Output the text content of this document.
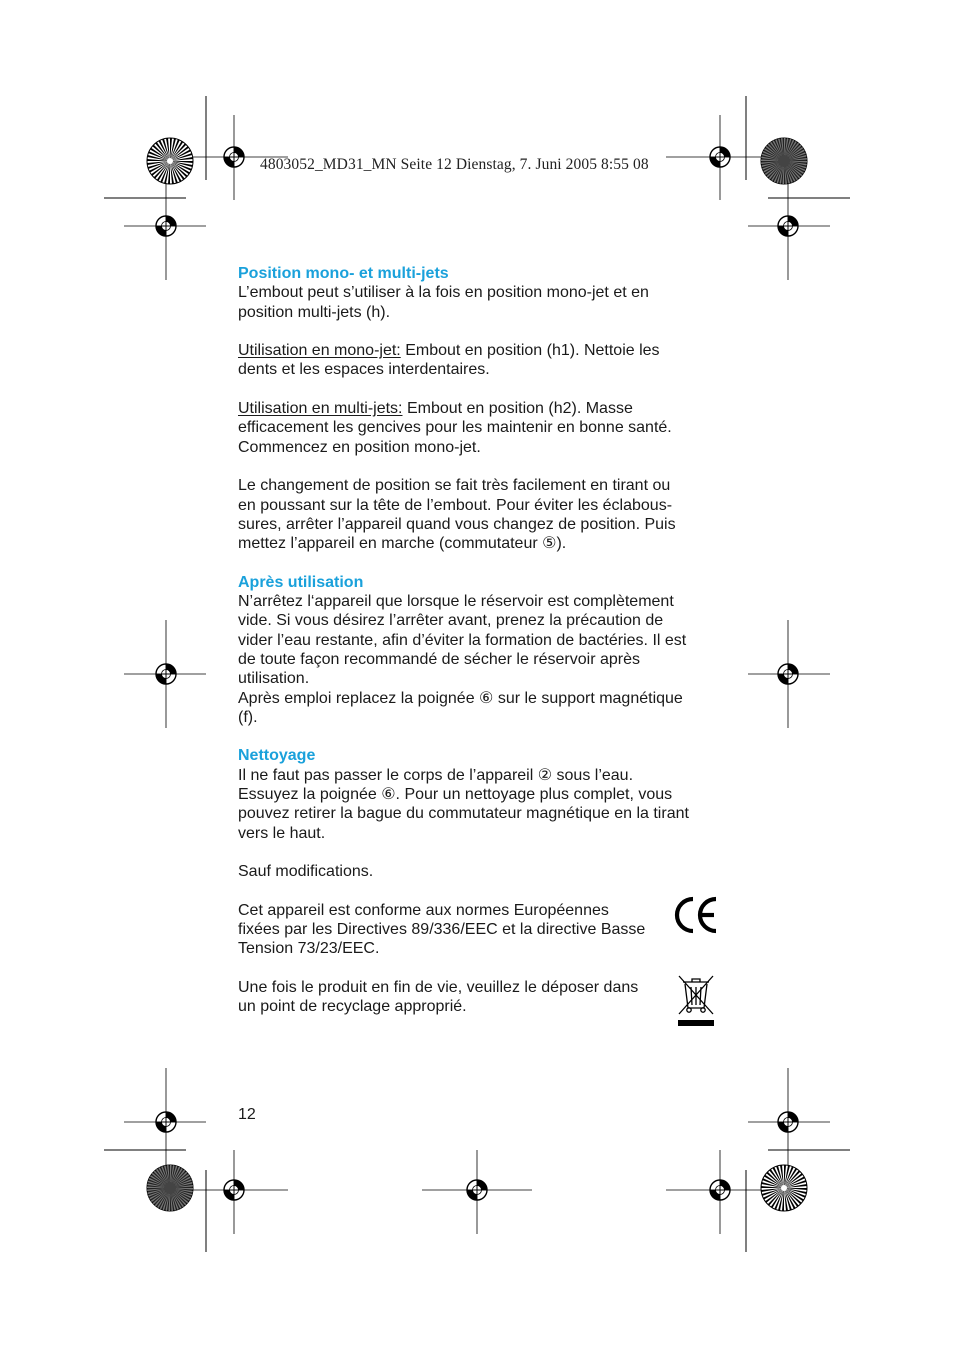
4803052_MD31_MN Seite 12 Dienstag, 7. Juni 2005 8:55 08

Position mono- et multi-jets

L’embout peut s’utiliser à la fois en position mono-jet et en

position multi-jets (h).

Utilisation en mono-jet: Embout en position (h1). Nettoie les

dents et les espaces interdentaires.

Utilisation en multi-jets: Embout en position (h2). Masse

efficacement les gencives pour les maintenir en bonne santé.

Commencez en position mono-jet.

Le changement de position se fait très facilement en tirant ou

en poussant sur la tête de l’embout. Pour éviter les éclabous-

sures, arrêter l’appareil quand vous changez de position. Puis

mettez l’appareil en marche (commutateur ⑤).

Après utilisation

N’arrêtez l‘appareil que lorsque le réservoir est complètement

vide. Si vous désirez l’arrêter avant, prenez la précaution de

vider l’eau restante, afin d’éviter la formation de bactéries. Il est

de toute façon recommandé de sécher le réservoir après

utilisation.

Après emploi replacez la poignée ⑥ sur le support magnétique

(f).

Nettoyage

Il ne faut pas passer le corps de l’appareil ② sous l’eau.

Essuyez la poignée ⑥. Pour un nettoyage plus complet, vous

pouvez retirer la bague du commutateur magnétique en la tirant

vers le haut.

Sauf modifications.

Cet appareil est conforme aux normes Européennes

fixées par les Directives 89/336/EEC et la directive Basse

Tension 73/23/EEC.

Une fois le produit en fin de vie, veuillez le déposer dans

un point de recyclage approprié.

12
